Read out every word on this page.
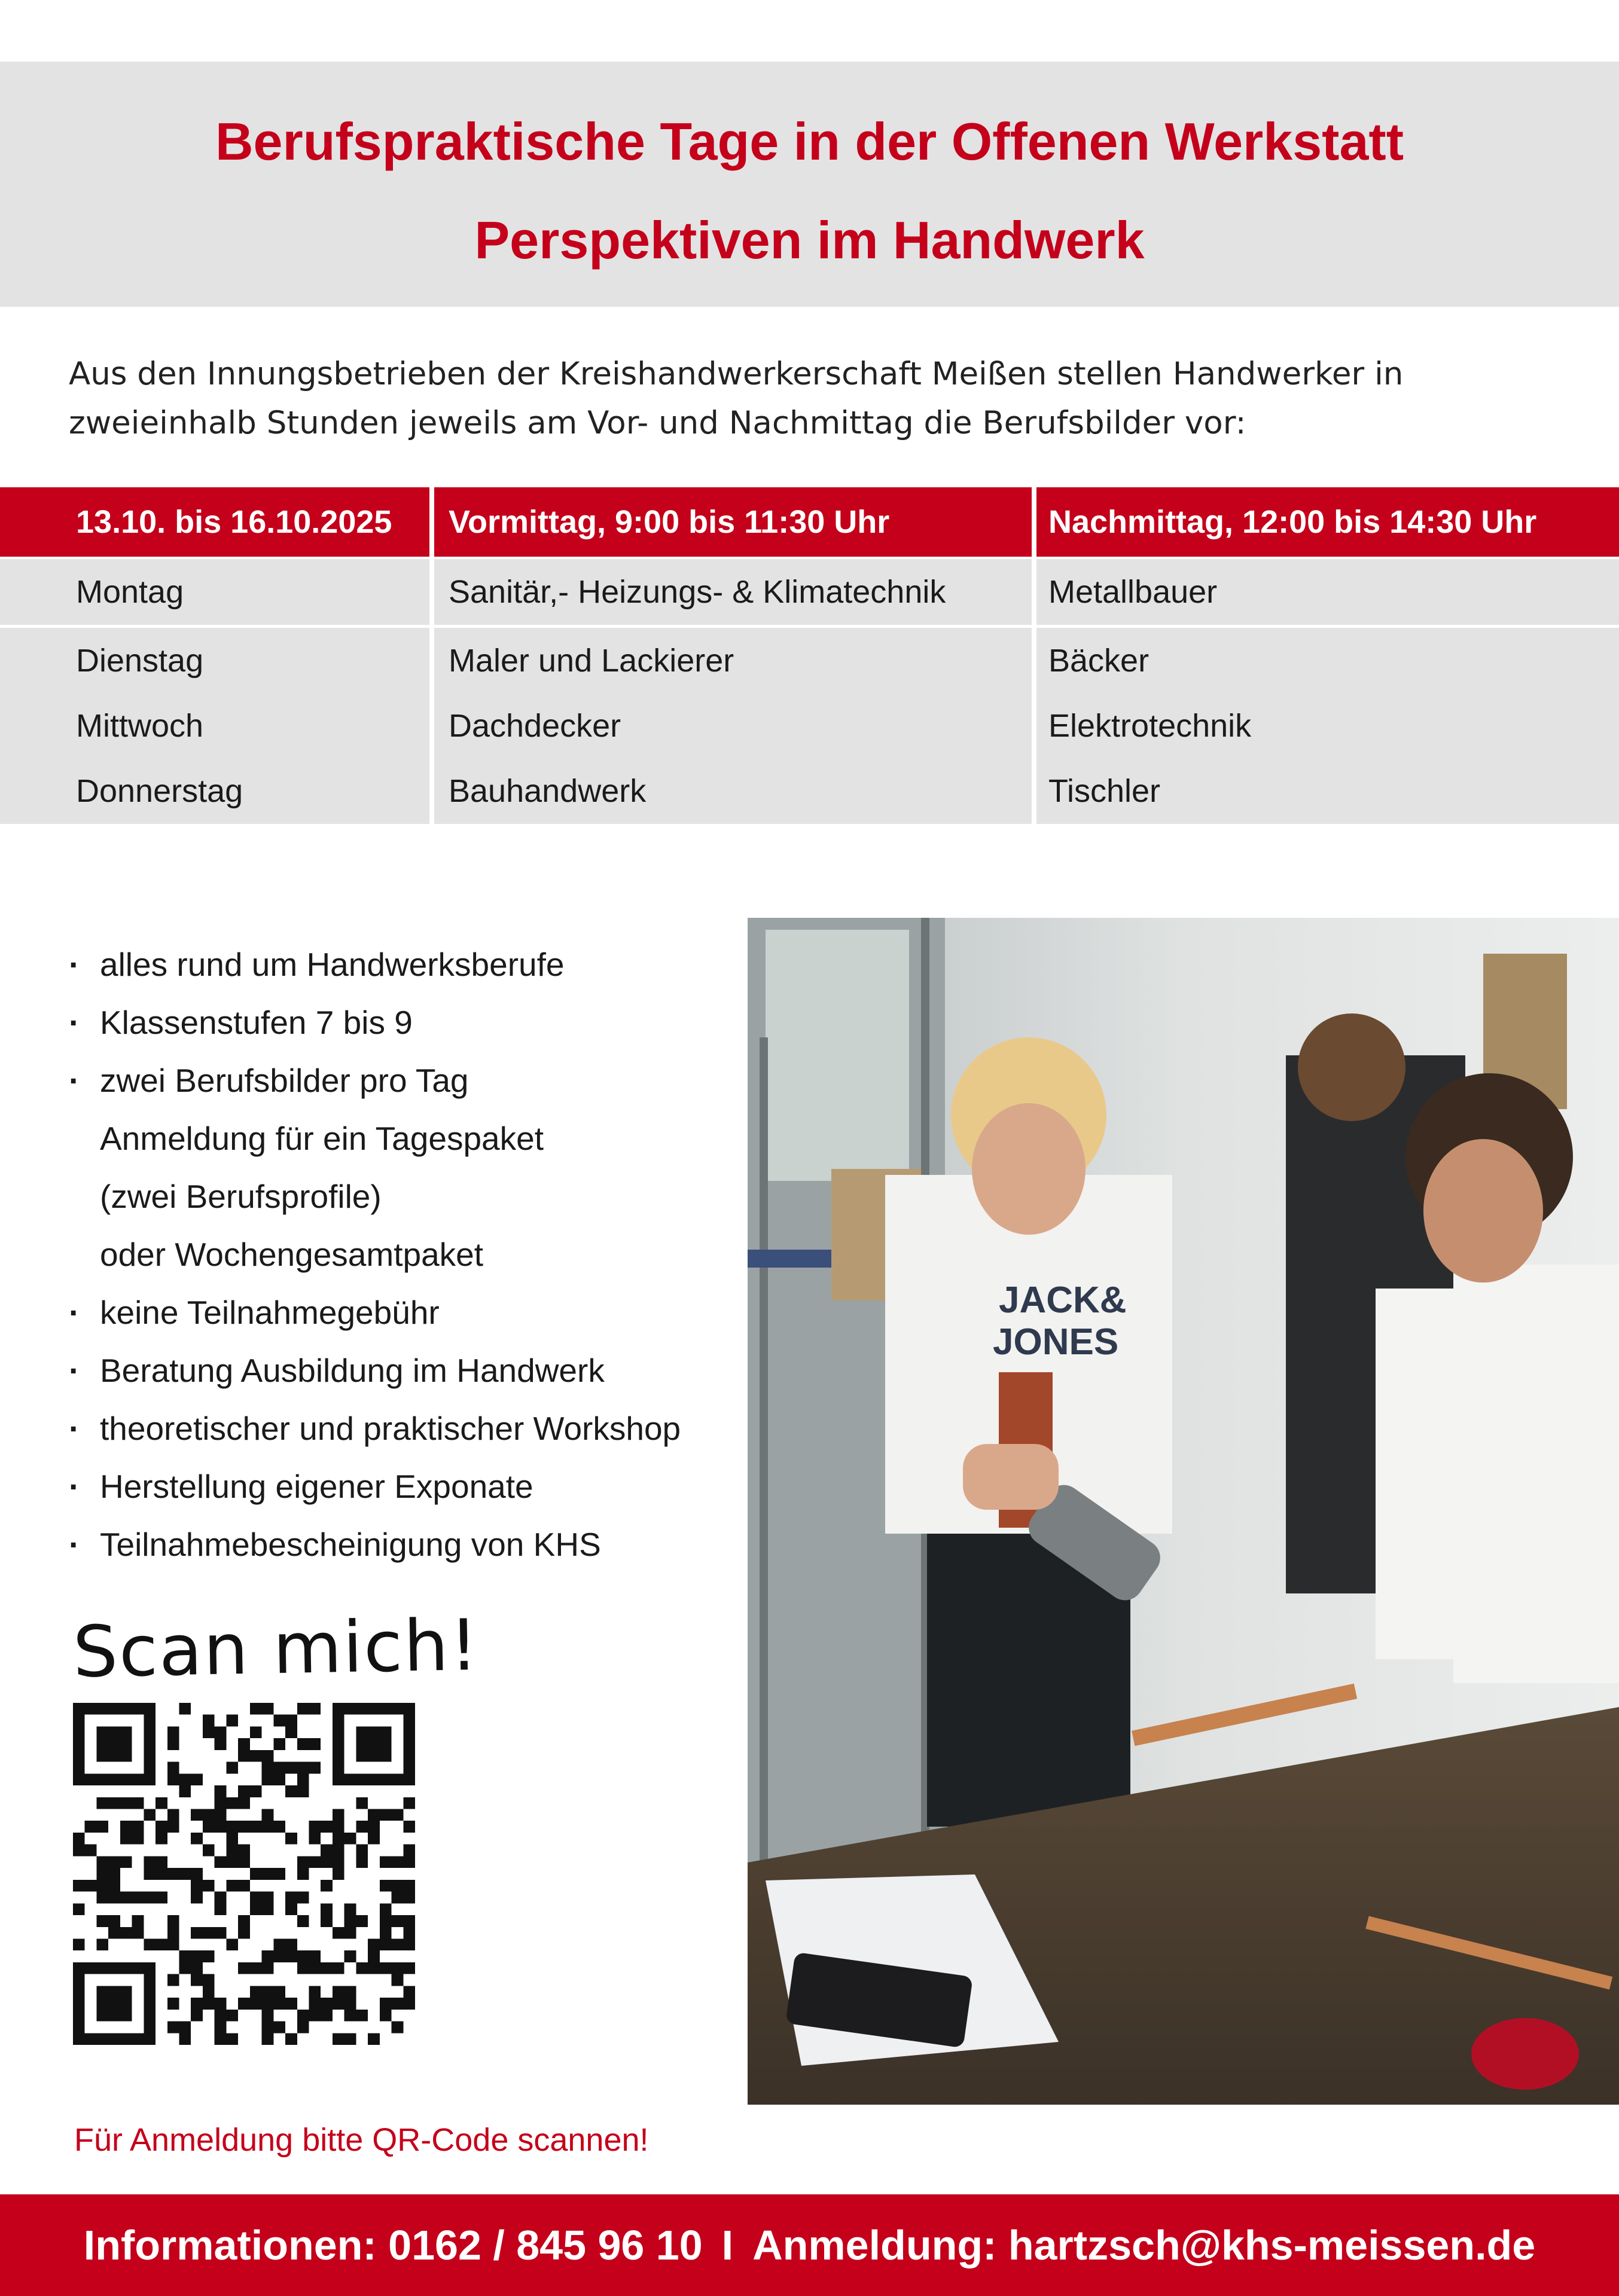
Berufspraktische Tage in der Offenen Werkstatt
Perspektiven im Handwerk
Aus den Innungsbetrieben der Kreishandwerkerschaft Meißen stellen Handwerker in
zweieinhalb Stunden jeweils am Vor- und Nachmittag die Berufsbilder vor:
13.10. bis 16.10.2025	Vormittag, 9:00 bis 11:30 Uhr	Nachmittag, 12:00 bis 14:30 Uhr
Montag	Sanitär,- Heizungs- & Klimatechnik	Metallbauer
Dienstag	Maler und Lackierer	Bäcker
Mittwoch	Dachdecker	Elektrotechnik
Donnerstag	Bauhandwerk	Tischler
· alles rund um Handwerksberufe
· Klassenstufen 7 bis 9
· zwei Berufsbilder pro Tag
Anmeldung für ein Tagespaket
(zwei Berufsprofile)
oder Wochengesamtpaket
· keine Teilnahmegebühr
· Beratung Ausbildung im Handwerk
· theoretischer und praktischer Workshop
· Herstellung eigener Exponate
· Teilnahmebescheinigung von KHS
Scan mich!
Für Anmeldung bitte QR-Code scannen!
JACK&
JONES
Informationen: 0162 / 845 96 10 I Anmeldung: hartzsch@khs-meissen.de
